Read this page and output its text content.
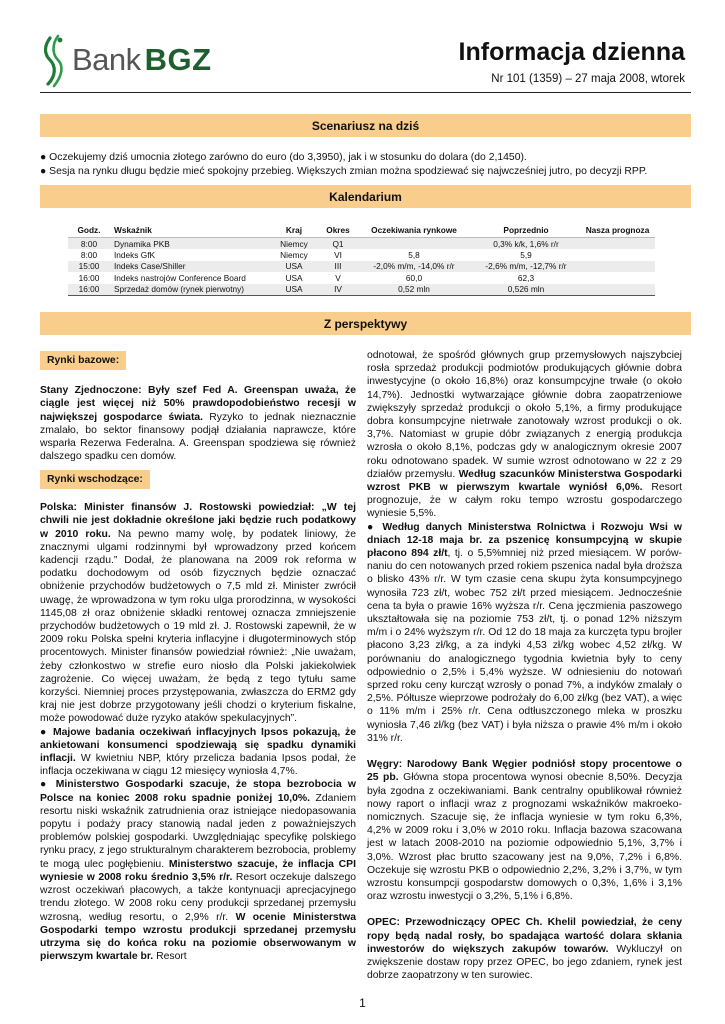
Bank BGZ	Informacja dzienna
Nr 101 (1359) – 27 maja 2008, wtorek
Scenariusz na dziś
● Oczekujemy dziś umocnia złotego zarówno do euro (do 3,3950), jak i w stosunku do dolara (do 2,1450).
● Sesja na rynku długu będzie mieć spokojny przebieg. Większych zmian można spodziewać się najwcześniej jutro, po decyzji RPP.
Kalendarium
Godz.	Wskaźnik	Kraj	Okres	Oczekiwania rynkowe	Poprzednio	Nasza prognoza
8:00	Dynamika PKB	Niemcy	Q1		0,3% k/k, 1,6% r/r	
8:00	Indeks GfK	Niemcy	VI	5,8	5,9	
15:00	Indeks Case/Shiller	USA	III	-2,0% m/m, -14,0% r/r	-2,6% m/m, -12,7% r/r	
16:00	Indeks nastrojów Conference Board	USA	V	60,0	62,3	
16:00	Sprzedaż domów (rynek pierwotny)	USA	IV	0,52 mln	0,526 mln	
Z perspektywy
Rynki bazowe:

Stany Zjednoczone: Były szef Fed A. Greenspan uważa, że ciągle jest więcej niż 50% prawdopodobieństwo recesji w największej gospodarce świata. Ryzyko to jednak nieznacznie zmalało, bo sektor finansowy podjął działania naprawcze, które wsparła Rezerwa Federalna. A. Greenspan spodziewa się również dalszego spadku cen domów.

Rynki wschodzące:

Polska: Minister finansów J. Rostowski powiedział: „W tej chwili nie jest dokładnie określone jaki będzie ruch podatkowy w 2010 roku. Na pewno mamy wolę, by podatek liniowy, że znacznymi ulgami rodzinnymi był wprowadzony przed końcem kadencji rządu.” Dodał, że planowana na 2009 rok reforma w podatku dochodowym od osób fizycznych będzie oznaczać obniżenie przychodów budżetowych o 7,5 mld zł. Minister zwrócił uwagę, że wprowadzona w tym roku ulga prorodzinna, w wysokości 1145,08 zł oraz obniżenie składki rentowej oznacza zmniejszenie przychodów budżetowych o 19 mld zł. J. Rostowski zapewnił, że w 2009 roku Polska spełni kryteria inflacyjne i długoterminowych stóp procentowych. Minister finansów powiedział również: „Nie uważam, żeby członkostwo w strefie euro niosło dla Polski jakiekolwiek zagrożenie. Co więcej uważam, że będą z tego tytułu same korzyści. Niemniej proces przystępowania, zwłaszcza do ERM2 gdy kraj nie jest dobrze przygotowany jeśli chodzi o kryterium fiskalne, może powodować duże ryzyko ataków spekulacyjnych”.

● Majowe badania oczekiwań inflacyjnych Ipsos pokazują, że ankietowani konsumenci spodziewają się spadku dynamiki inflacji. W kwietniu NBP, który przelicza badania Ipsos podał, że inflacja oczekiwana w ciągu 12 miesięcy wyniosła 4,7%.

● Ministerstwo Gospodarki szacuje, że stopa bezrobocia w Polsce na koniec 2008 roku spadnie poniżej 10,0%. Zdaniem resortu niski wskaźnik zatrudnienia oraz istniejące niedopasowania popytu i podaży pracy stanowią nadal jeden z poważniejszych problemów polskiej gospodarki. Uwzględniając specyfikę polskiego rynku pracy, z jego strukturalnym charakterem bezrobocia, problemy te mogą ulec pogłębieniu. Ministerstwo szacuje, że inflacja CPI wyniesie w 2008 roku średnio 3,5% r/r. Resort oczekuje dalszego wzrost oczekiwań płacowych, a także kontynuacji aprecjacyjnego trendu złotego. W 2008 roku ceny produkcji sprzedanej przemysłu wzrosną, według resortu, o 2,9% r/r. W ocenie Ministerstwa Gospodarki tempo wzrostu produkcji sprzedanej przemysłu utrzyma się do końca roku na poziomie obserwowanym w pierwszym kwartale br. Resort

odnotował, że spośród głównych grup przemysłowych najszybciej rosła sprzedaż produkcji podmiotów produkujących głównie dobra inwestycyjne (o około 16,8%) oraz konsumpcyjne trwałe (o około 14,7%). Jednostki wytwarzające głównie dobra zaopatrzeniowe zwiększyły sprzedaż produkcji o około 5,1%, a firmy produkujące dobra konsumpcyjne nietrwałe zanotowały wzrost produkcji o ok. 3,7%. Natomiast w grupie dóbr związanych z energią produkcja wzrosła o około 8,1%, podczas gdy w analogicznym okresie 2007 roku odnotowano spadek. W sumie wzrost odnotowano w 22 z 29 działów przemysłu. Według szacunków Ministerstwa Gospodarki wzrost PKB w pierwszym kwartale wyniósł 6,0%. Resort prognozuje, że w całym roku tempo wzrostu gospodarczego wyniesie 5,5%.

● Według danych Ministerstwa Rolnictwa i Rozwoju Wsi w dniach 12-18 maja br. za pszenicę konsumpcyjną w skupie płacono 894 zł/t, tj. o 5,5%mniej niż przed miesiącem. W porównaniu do cen notowanych przed rokiem pszenica nadal była droższa o blisko 43% r/r. W tym czasie cena skupu żyta konsumpcyjnego wynosiła 723 zł/t, wobec 752 zł/t przed miesiącem. Jednocześnie cena ta była o prawie 16% wyższa r/r. Cena jęczmienia paszowego ukształtowała się na poziomie 753 zł/t, tj. o ponad 12% niższym m/m i o 24% wyższym r/r. Od 12 do 18 maja za kurczęta typu brojler płacono 3,23 zł/kg, a za indyki 4,53 zł/kg wobec 4,52 zł/kg. W porównaniu do analogicznego tygodnia kwietnia były to ceny odpowiednio o 2,5% i 5,4% wyższe. W odniesieniu do notowań sprzed roku ceny kurcząt wzrosły o ponad 7%, a indyków zmalały o 2,5%. Półtusze wieprzowe podrożały do 6,00 zł/kg (bez VAT), a więc o 11% m/m i 25% r/r. Cena odtłuszczonego mleka w proszku wyniosła 7,46 zł/kg (bez VAT) i była niższa o prawie 4% m/m i około 31% r/r.

Węgry: Narodowy Bank Węgier podniósł stopy procentowe o 25 pb. Główna stopa procentowa wynosi obecnie 8,50%. Decyzja była zgodna z oczekiwaniami. Bank centralny opublikował również nowy raport o inflacji wraz z prognozami wskaźników makroekonomicznych. Szacuje się, że inflacja wyniesie w tym roku 6,3%, 4,2% w 2009 roku i 3,0% w 2010 roku. Inflacja bazowa szacowana jest w latach 2008-2010 na poziomie odpowiednio 5,1%, 3,7% i 3,0%. Wzrost płac brutto szacowany jest na 9,0%, 7,2% i 6,8%. Oczekuje się wzrostu PKB o odpowiednio 2,2%, 3,2% i 3,7%, w tym wzrostu konsumpcji gospodarstw domowych o 0,3%, 1,6% i 3,1% oraz wzrostu inwestycji o 3,2%, 5,1% i 6,8%.

OPEC: Przewodniczący OPEC Ch. Khelil powiedział, że ceny ropy będą nadal rosły, bo spadająca wartość dolara skłania inwestorów do większych zakupów towarów. Wykluczył on zwiększenie dostaw ropy przez OPEC, bo jego zdaniem, rynek jest dobrze zaopatrzony w ten surowiec.

1
